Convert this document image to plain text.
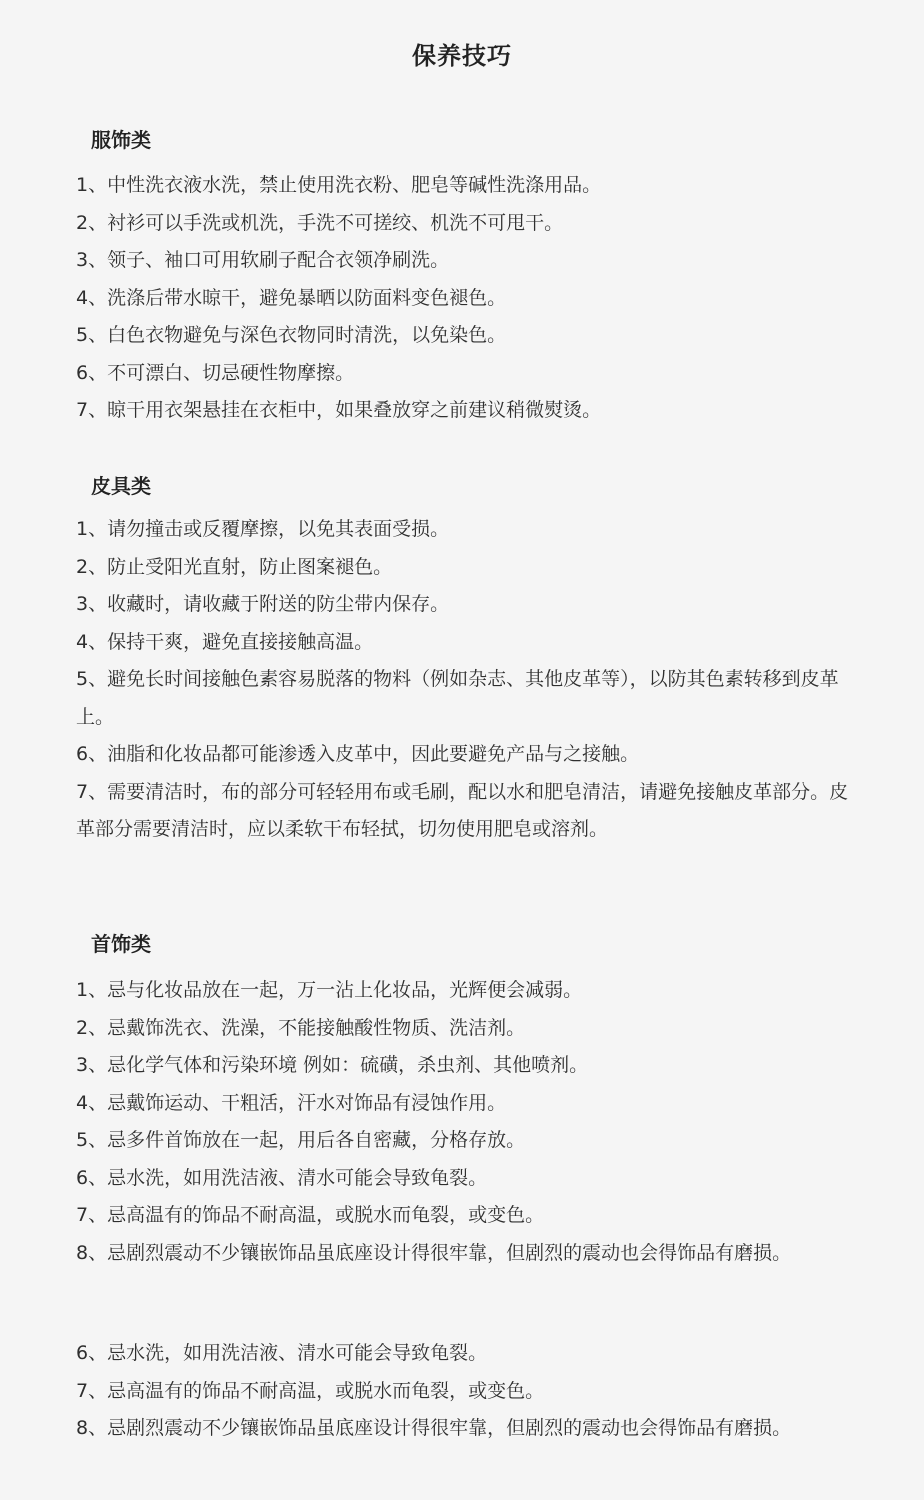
保养技巧
服饰类
1、中性洗衣液水洗，禁止使用洗衣粉、肥皂等碱性洗涤用品。
2、衬衫可以手洗或机洗，手洗不可搓绞、机洗不可甩干。
3、领子、袖口可用软刷子配合衣领净刷洗。
4、洗涤后带水晾干，避免暴晒以防面料变色褪色。
5、白色衣物避免与深色衣物同时清洗，以免染色。
6、不可漂白、切忌硬性物摩擦。
7、晾干用衣架悬挂在衣柜中，如果叠放穿之前建议稍微熨烫。
皮具类
1、请勿撞击或反覆摩擦，以免其表面受损。
2、防止受阳光直射，防止图案褪色。
3、收藏时，请收藏于附送的防尘带内保存。
4、保持干爽，避免直接接触高温。
5、避免长时间接触色素容易脱落的物料（例如杂志、其他皮革等），以防其色素转移到皮革上。
6、油脂和化妆品都可能渗透入皮革中，因此要避免产品与之接触。
7、需要清洁时，布的部分可轻轻用布或毛刷，配以水和肥皂清洁，请避免接触皮革部分。皮革部分需要清洁时，应以柔软干布轻拭，切勿使用肥皂或溶剂。
首饰类
1、忌与化妆品放在一起，万一沾上化妆品，光辉便会减弱。
2、忌戴饰洗衣、洗澡，不能接触酸性物质、洗洁剂。
3、忌化学气体和污染环境 例如：硫磺，杀虫剂、其他喷剂。
4、忌戴饰运动、干粗活，汗水对饰品有浸蚀作用。
5、忌多件首饰放在一起，用后各自密藏，分格存放。
6、忌水洗，如用洗洁液、清水可能会导致龟裂。
7、忌高温有的饰品不耐高温，或脱水而龟裂，或变色。
8、忌剧烈震动不少镶嵌饰品虽底座设计得很牢靠，但剧烈的震动也会得饰品有磨损。
6、忌水洗，如用洗洁液、清水可能会导致龟裂。
7、忌高温有的饰品不耐高温，或脱水而龟裂，或变色。
8、忌剧烈震动不少镶嵌饰品虽底座设计得很牢靠，但剧烈的震动也会得饰品有磨损。
